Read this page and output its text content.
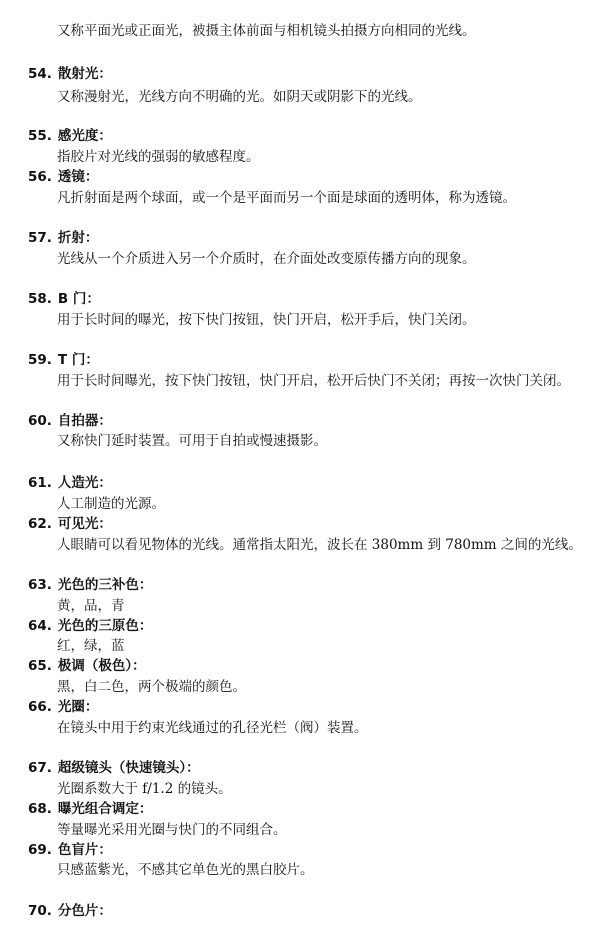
又称平面光或正面光，被摄主体前面与相机镜头拍摄方向相同的光线。
54. 散射光：
又称漫射光，光线方向不明确的光。如阴天或阴影下的光线。
55. 感光度：
指胶片对光线的强弱的敏感程度。
56. 透镜：
凡折射面是两个球面，或一个是平面而另一个面是球面的透明体，称为透镜。
57. 折射：
光线从一个介质进入另一个介质时，在介面处改变原传播方向的现象。
58. B 门：
用于长时间的曝光，按下快门按钮，快门开启，松开手后，快门关闭。
59. T 门：
用于长时间曝光，按下快门按钮，快门开启，松开后快门不关闭；再按一次快门关闭。
60. 自拍器：
又称快门延时装置。可用于自拍或慢速摄影。
61. 人造光：
人工制造的光源。
62. 可见光：
人眼睛可以看见物体的光线。通常指太阳光，波长在 380mm 到 780mm 之间的光线。
63. 光色的三补色：
黄，品，青
64. 光色的三原色：
红，绿，蓝
65. 极调（极色）：
黑，白二色，两个极端的颜色。
66. 光圈：
在镜头中用于约束光线通过的孔径光栏（阀）装置。
67. 超级镜头（快速镜头）：
光圈系数大于 f/1.2 的镜头。
68. 曝光组合调定：
等量曝光采用光圈与快门的不同组合。
69. 色盲片：
只感蓝紫光，不感其它单色光的黑白胶片。
70. 分色片：
